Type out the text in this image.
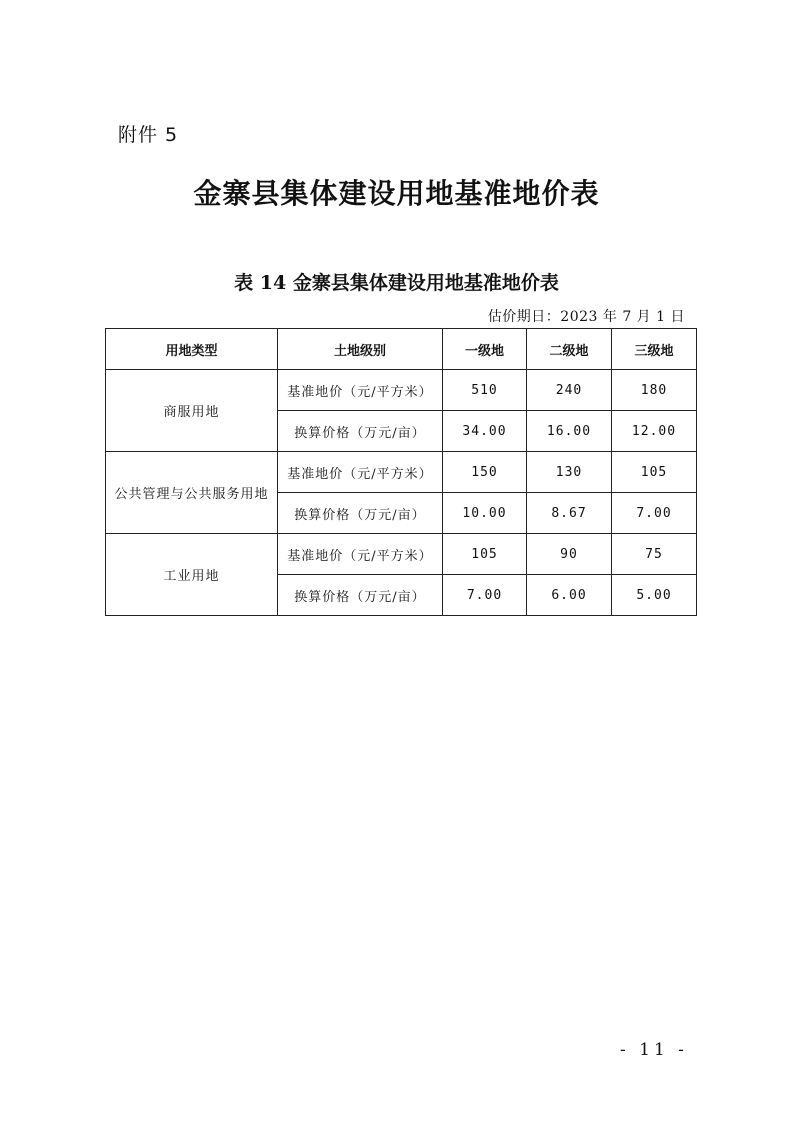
附件 5
金寨县集体建设用地基准地价表
表 14 金寨县集体建设用地基准地价表
估价期日：2023 年 7 月 1 日
用地类型	土地级别	一级地	二级地	三级地
商服用地	基准地价（元/平方米）	510	240	180
	换算价格（万元/亩）	34.00	16.00	12.00
公共管理与公共服务用地	基准地价（元/平方米）	150	130	105
	换算价格（万元/亩）	10.00	8.67	7.00
工业用地	基准地价（元/平方米）	105	90	75
	换算价格（万元/亩）	7.00	6.00	5.00
- 11 -
